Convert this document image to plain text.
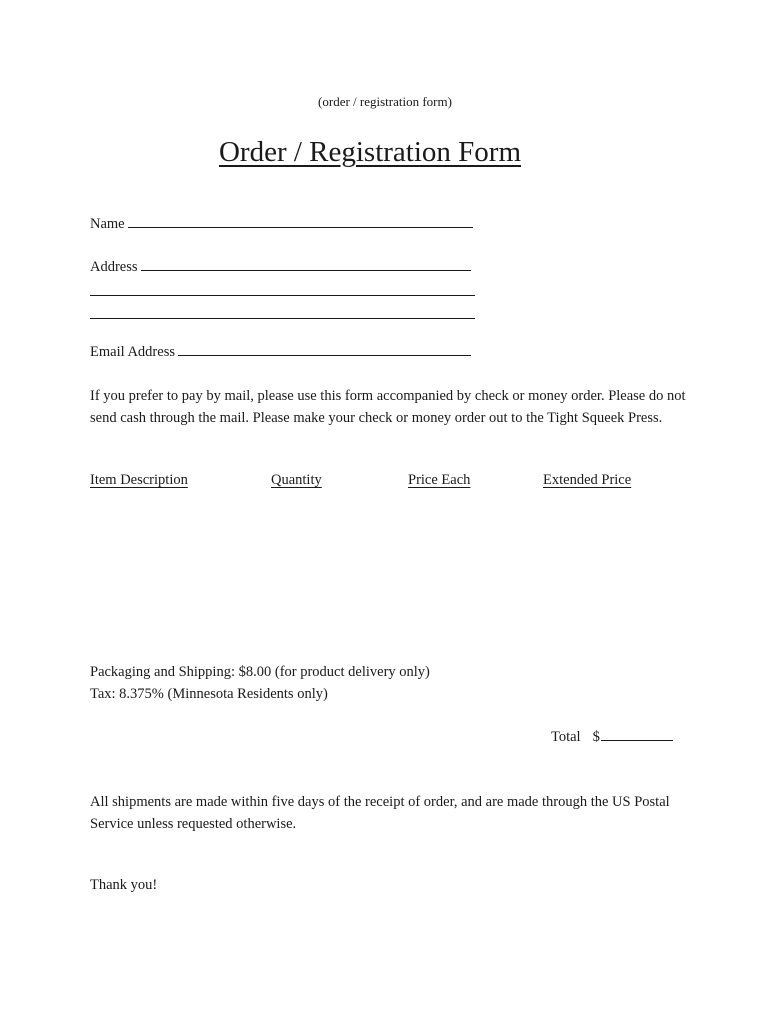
(order / registration form)
Order / Registration Form
Name
Address
Email Address
If you prefer to pay by mail, please use this form accompanied by check or money order. Please do not send cash through the mail. Please make your check or money order out to the Tight Squeek Press.
Item Description	Quantity	Price Each	Extended Price
Packaging and Shipping: $8.00 (for product delivery only)
Tax: 8.375% (Minnesota Residents only)
Total $
All shipments are made within five days of the receipt of order, and are made through the US Postal Service unless requested otherwise.
Thank you!
